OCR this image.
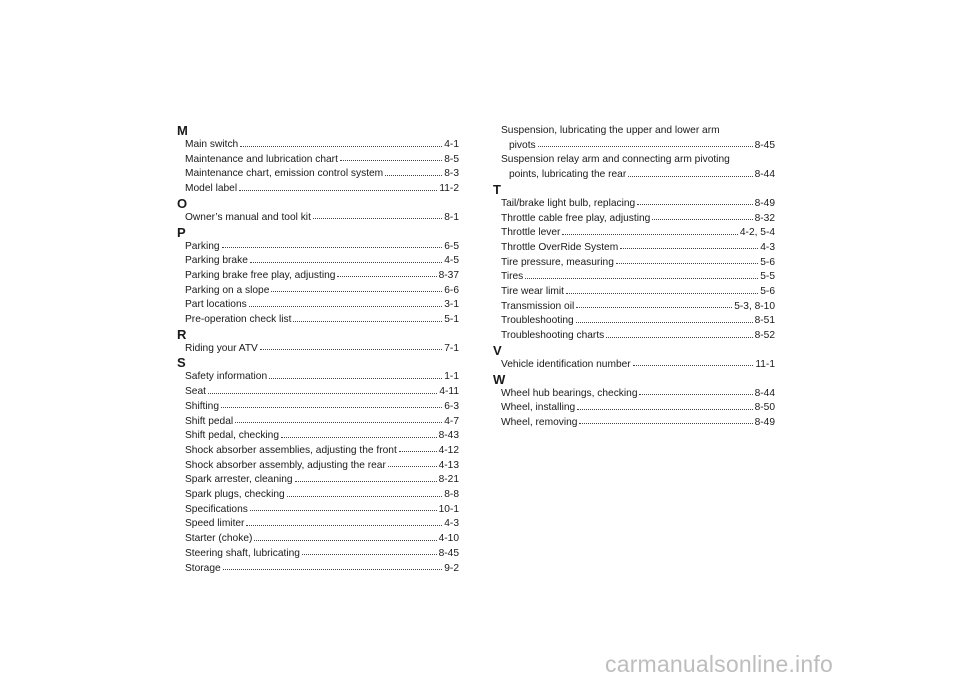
M
Main switch	4-1
Maintenance and lubrication chart	8-5
Maintenance chart, emission control system	8-3
Model label	11-2
O
Owner’s manual and tool kit	8-1
P
Parking	6-5
Parking brake	4-5
Parking brake free play, adjusting	8-37
Parking on a slope	6-6
Part locations	3-1
Pre-operation check list	5-1
R
Riding your ATV	7-1
S
Safety information	1-1
Seat	4-11
Shifting	6-3
Shift pedal	4-7
Shift pedal, checking	8-43
Shock absorber assemblies, adjusting the front	4-12
Shock absorber assembly, adjusting the rear	4-13
Spark arrester, cleaning	8-21
Spark plugs, checking	8-8
Specifications	10-1
Speed limiter	4-3
Starter (choke)	4-10
Steering shaft, lubricating	8-45
Storage	9-2
Suspension, lubricating the upper and lower arm
pivots	8-45
Suspension relay arm and connecting arm pivoting
points, lubricating the rear	8-44
T
Tail/brake light bulb, replacing	8-49
Throttle cable free play, adjusting	8-32
Throttle lever	4-2, 5-4
Throttle OverRide System	4-3
Tire pressure, measuring	5-6
Tires	5-5
Tire wear limit	5-6
Transmission oil	5-3, 8-10
Troubleshooting	8-51
Troubleshooting charts	8-52
V
Vehicle identification number	11-1
W
Wheel hub bearings, checking	8-44
Wheel, installing	8-50
Wheel, removing	8-49
carmanualsonline.info
